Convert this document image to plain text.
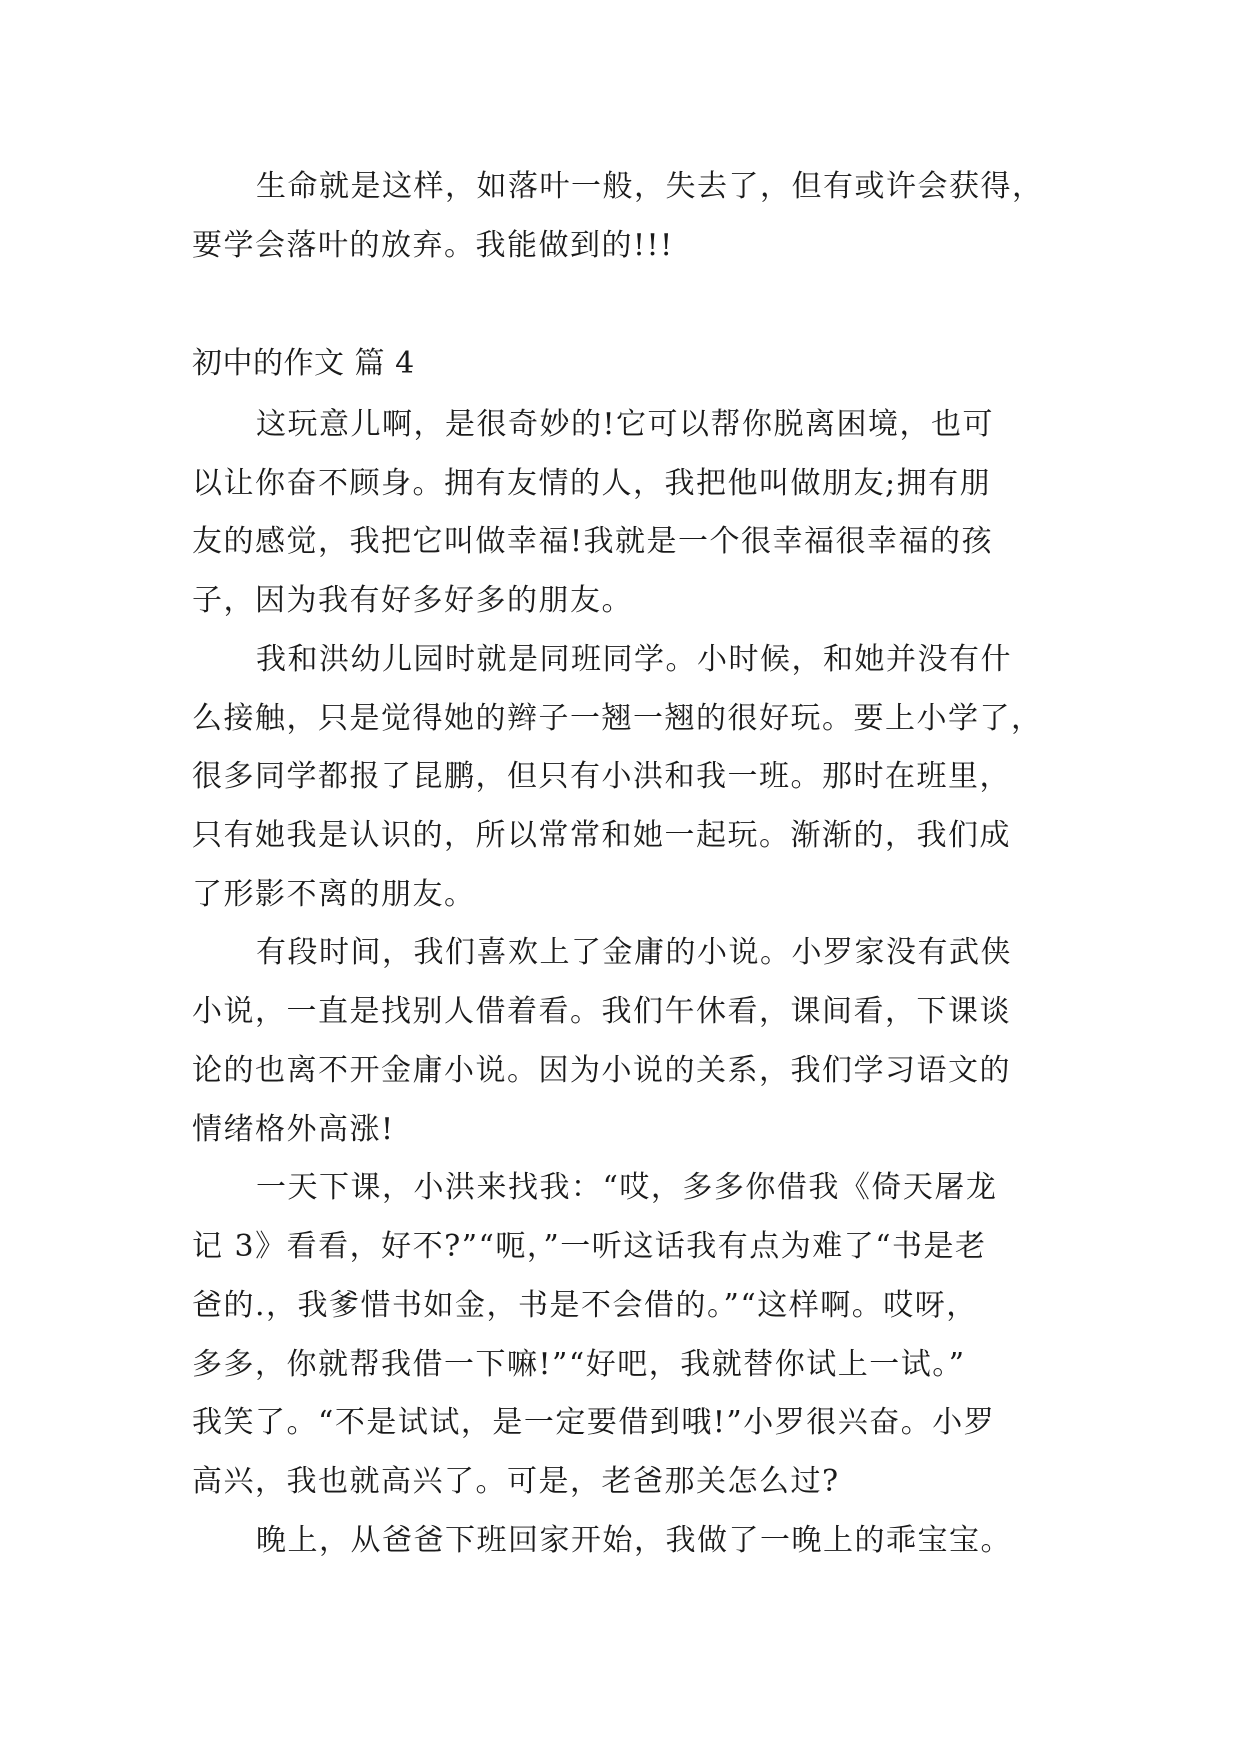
生命就是这样，如落叶一般，失去了，但有或许会获得，
要学会落叶的放弃。我能做到的!!!
初中的作文 篇 4
这玩意儿啊，是很奇妙的!它可以帮你脱离困境，也可
以让你奋不顾身。拥有友情的人，我把他叫做朋友;拥有朋
友的感觉，我把它叫做幸福!我就是一个很幸福很幸福的孩
子，因为我有好多好多的朋友。
我和洪幼儿园时就是同班同学。小时候，和她并没有什
么接触，只是觉得她的辫子一翘一翘的很好玩。要上小学了，
很多同学都报了昆鹏，但只有小洪和我一班。那时在班里，
只有她我是认识的，所以常常和她一起玩。渐渐的，我们成
了形影不离的朋友。
有段时间，我们喜欢上了金庸的小说。小罗家没有武侠
小说，一直是找别人借着看。我们午休看，课间看，下课谈
论的也离不开金庸小说。因为小说的关系，我们学习语文的
情绪格外高涨!
一天下课，小洪来找我：“哎，多多你借我《倚天屠龙
记 3》看看，好不?”“呃，”一听这话我有点为难了“书是老
爸的.，我爹惜书如金，书是不会借的。”“这样啊。哎呀，
多多，你就帮我借一下嘛!”“好吧，我就替你试上一试。”
我笑了。“不是试试，是一定要借到哦!”小罗很兴奋。小罗
高兴，我也就高兴了。可是，老爸那关怎么过?
晚上，从爸爸下班回家开始，我做了一晚上的乖宝宝。
